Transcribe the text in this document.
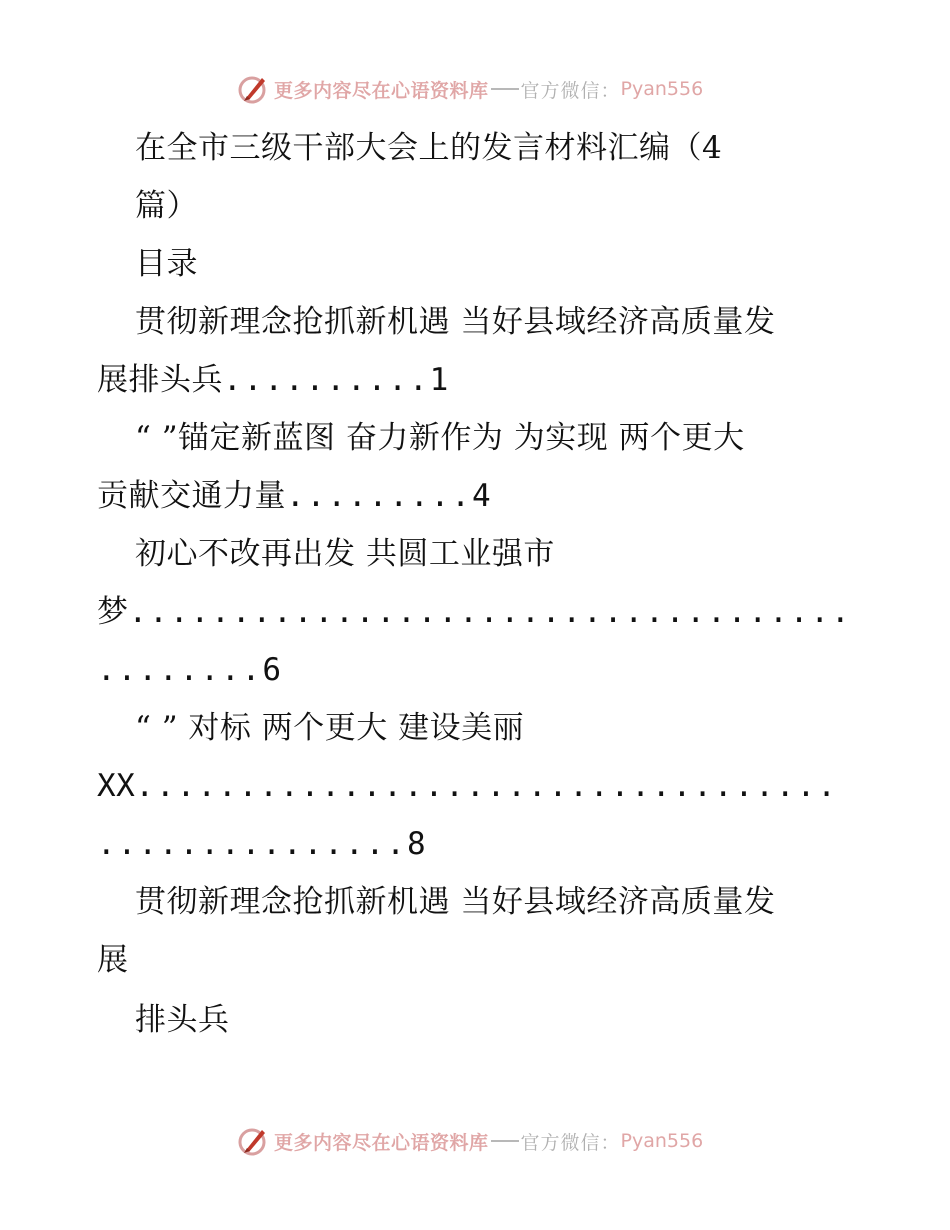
更多内容尽在心语资料库 官方微信： Pyan556
在全市三级干部大会上的发言材料汇编（4
篇）
目录
贯彻新理念抢抓新机遇 当好县域经济高质量发
展排头兵..........1
“ ”锚定新蓝图 奋力新作为 为实现 两个更大
贡献交通力量.........4
初心不改再出发 共圆工业强市
梦...................................
........6
“ ” 对标 两个更大 建设美丽
XX..................................
...............8
贯彻新理念抢抓新机遇 当好县域经济高质量发
展
排头兵
更多内容尽在心语资料库 官方微信： Pyan556
